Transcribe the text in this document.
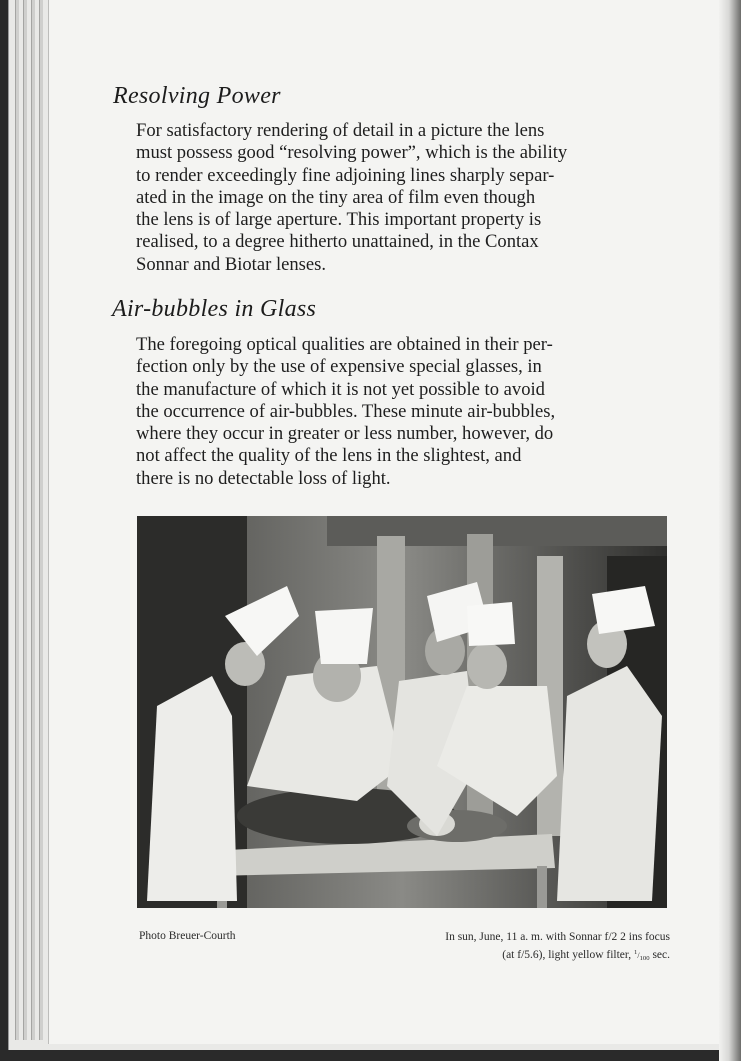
Resolving Power
For satisfactory rendering of detail in a picture the lens
must possess good “resolving power”, which is the ability
to render exceedingly fine adjoining lines sharply separ-
ated in the image on the tiny area of film even though
the lens is of large aperture. This important property is
realised, to a degree hitherto unattained, in the Contax
Sonnar and Biotar lenses.
Air-bubbles in Glass
The foregoing optical qualities are obtained in their per-
fection only by the use of expensive special glasses, in
the manufacture of which it is not yet possible to avoid
the occurrence of air-bubbles. These minute air-bubbles,
where they occur in greater or less number, however, do
not affect the quality of the lens in the slightest, and
there is no detectable loss of light.
Photo Breuer-Courth	In sun, June, 11 a. m. with Sonnar f/2 2 ins focus
(at f/5.6), light yellow filter, $^1/_{100}$ sec.
